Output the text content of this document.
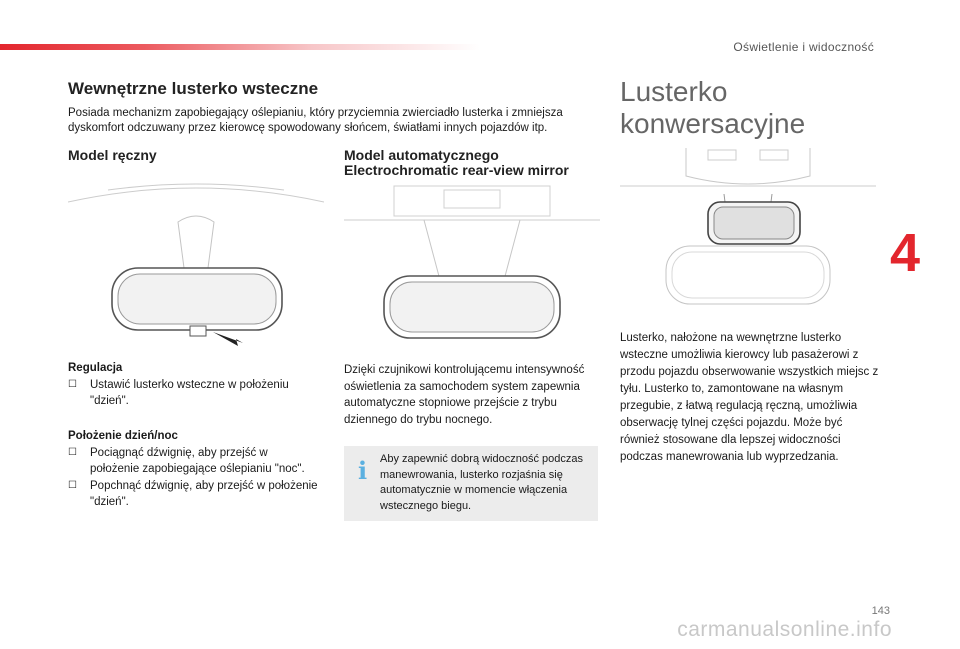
Oświetlenie i widoczność
4
Wewnętrzne lusterko wsteczne

Posiada mechanizm zapobiegający oślepianiu, który przyciemnia zwierciadło lusterka i zmniejsza dyskomfort odczuwany przez kierowcę spowodowany słońcem, światłami innych pojazdów itp.

Model ręczny	Model automatycznego Electrochromatic rear-view mirror
Lusterko konwersacyjne
Regulacja
☐	Ustawić lusterko wsteczne w położeniu "dzień".
Położenie dzień/noc
☐	Pociągnąć dźwignię, aby przejść w położenie zapobiegające oślepianiu "noc".
☐	Popchnąć dźwignię, aby przejść w położenie "dzień".

Dzięki czujnikowi kontrolującemu intensywność oświetlenia za samochodem system zapewnia automatyczne stopniowe przejście z trybu dziennego do trybu nocnego.

i Aby zapewnić dobrą widoczność podczas manewrowania, lusterko rozjaśnia się automatycznie w momencie włączenia wstecznego biegu.

Lusterko, nałożone na wewnętrzne lusterko wsteczne umożliwia kierowcy lub pasażerowi z przodu pojazdu obserwowanie wszystkich miejsc z tyłu. Lusterko to, zamontowane na własnym przegubie, z łatwą regulacją ręczną, umożliwia obserwację tylnej części pojazdu. Może być również stosowane dla lepszej widoczności podczas manewrowania lub wyprzedzania.

143
carmanualsonline.info
